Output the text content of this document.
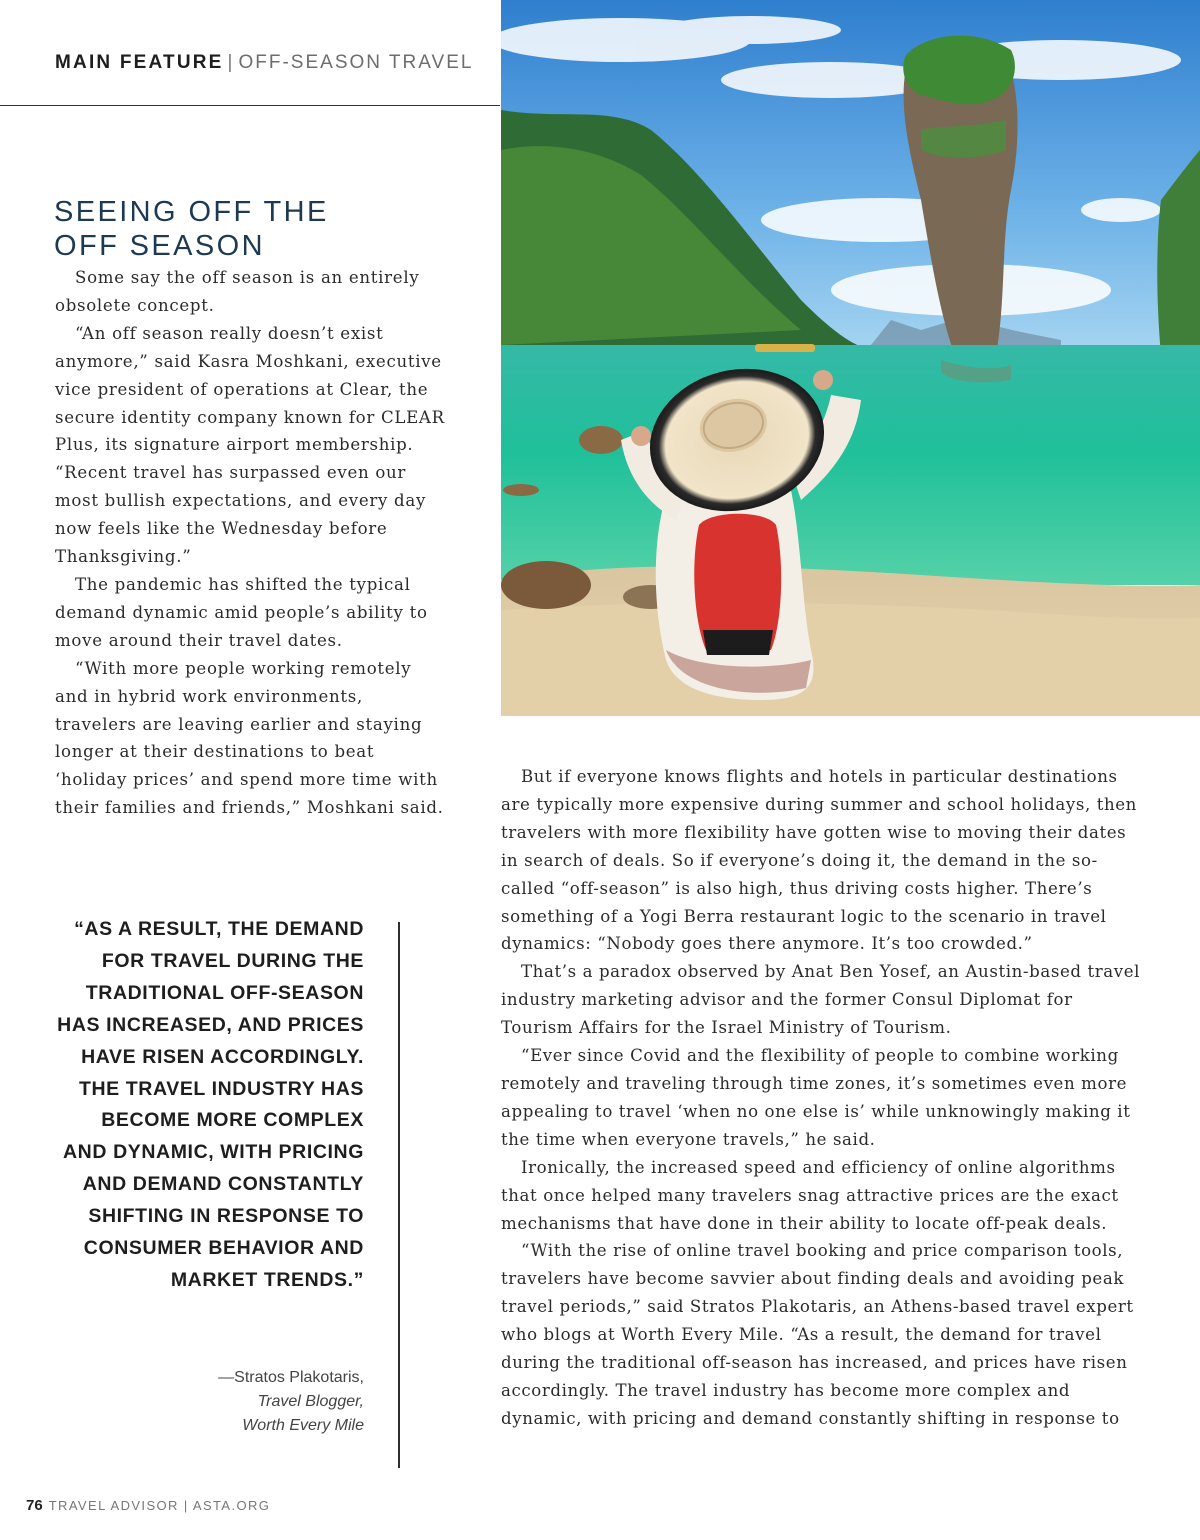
MAIN FEATURE | OFF-SEASON TRAVEL
SEEING OFF THE
OFF SEASON

Some say the off season is an entirely obsolete concept.

“An off season really doesn’t exist anymore,” said Kasra Moshkani, executive vice president of operations at Clear, the secure identity company known for CLEAR Plus, its signature airport membership. “Recent travel has surpassed even our most bullish expectations, and every day now feels like the Wednesday before Thanksgiving.”

The pandemic has shifted the typical demand dynamic amid people’s ability to move around their travel dates.

“With more people working remotely and in hybrid work environments, travelers are leaving earlier and staying longer at their destinations to beat ‘holiday prices’ and spend more time with their families and friends,” Moshkani said.

“AS A RESULT, THE DEMAND FOR TRAVEL DURING THE TRADITIONAL OFF-SEASON HAS INCREASED, AND PRICES HAVE RISEN ACCORDINGLY. THE TRAVEL INDUSTRY HAS BECOME MORE COMPLEX AND DYNAMIC, WITH PRICING AND DEMAND CONSTANTLY SHIFTING IN RESPONSE TO CONSUMER BEHAVIOR AND MARKET TRENDS.”
—Stratos Plakotaris,
Travel Blogger,
Worth Every Mile

But if everyone knows flights and hotels in particular destinations are typically more expensive during summer and school holidays, then travelers with more flexibility have gotten wise to moving their dates in search of deals. So if everyone’s doing it, the demand in the so-called “off-season” is also high, thus driving costs higher. There’s something of a Yogi Berra restaurant logic to the scenario in travel dynamics: “Nobody goes there anymore. It’s too crowded.”

That’s a paradox observed by Anat Ben Yosef, an Austin-based travel industry marketing advisor and the former Consul Diplomat for Tourism Affairs for the Israel Ministry of Tourism.

“Ever since Covid and the flexibility of people to combine working remotely and traveling through time zones, it’s sometimes even more appealing to travel ‘when no one else is’ while unknowingly making it the time when everyone travels,” he said.

Ironically, the increased speed and efficiency of online algorithms that once helped many travelers snag attractive prices are the exact mechanisms that have done in their ability to locate off-peak deals.

“With the rise of online travel booking and price comparison tools, travelers have become savvier about finding deals and avoiding peak travel periods,” said Stratos Plakotaris, an Athens-based travel expert who blogs at Worth Every Mile. “As a result, the demand for travel during the traditional off-season has increased, and prices have risen accordingly. The travel industry has become more complex and dynamic, with pricing and demand constantly shifting in response to

76 TRAVEL ADVISOR | ASTA.ORG
